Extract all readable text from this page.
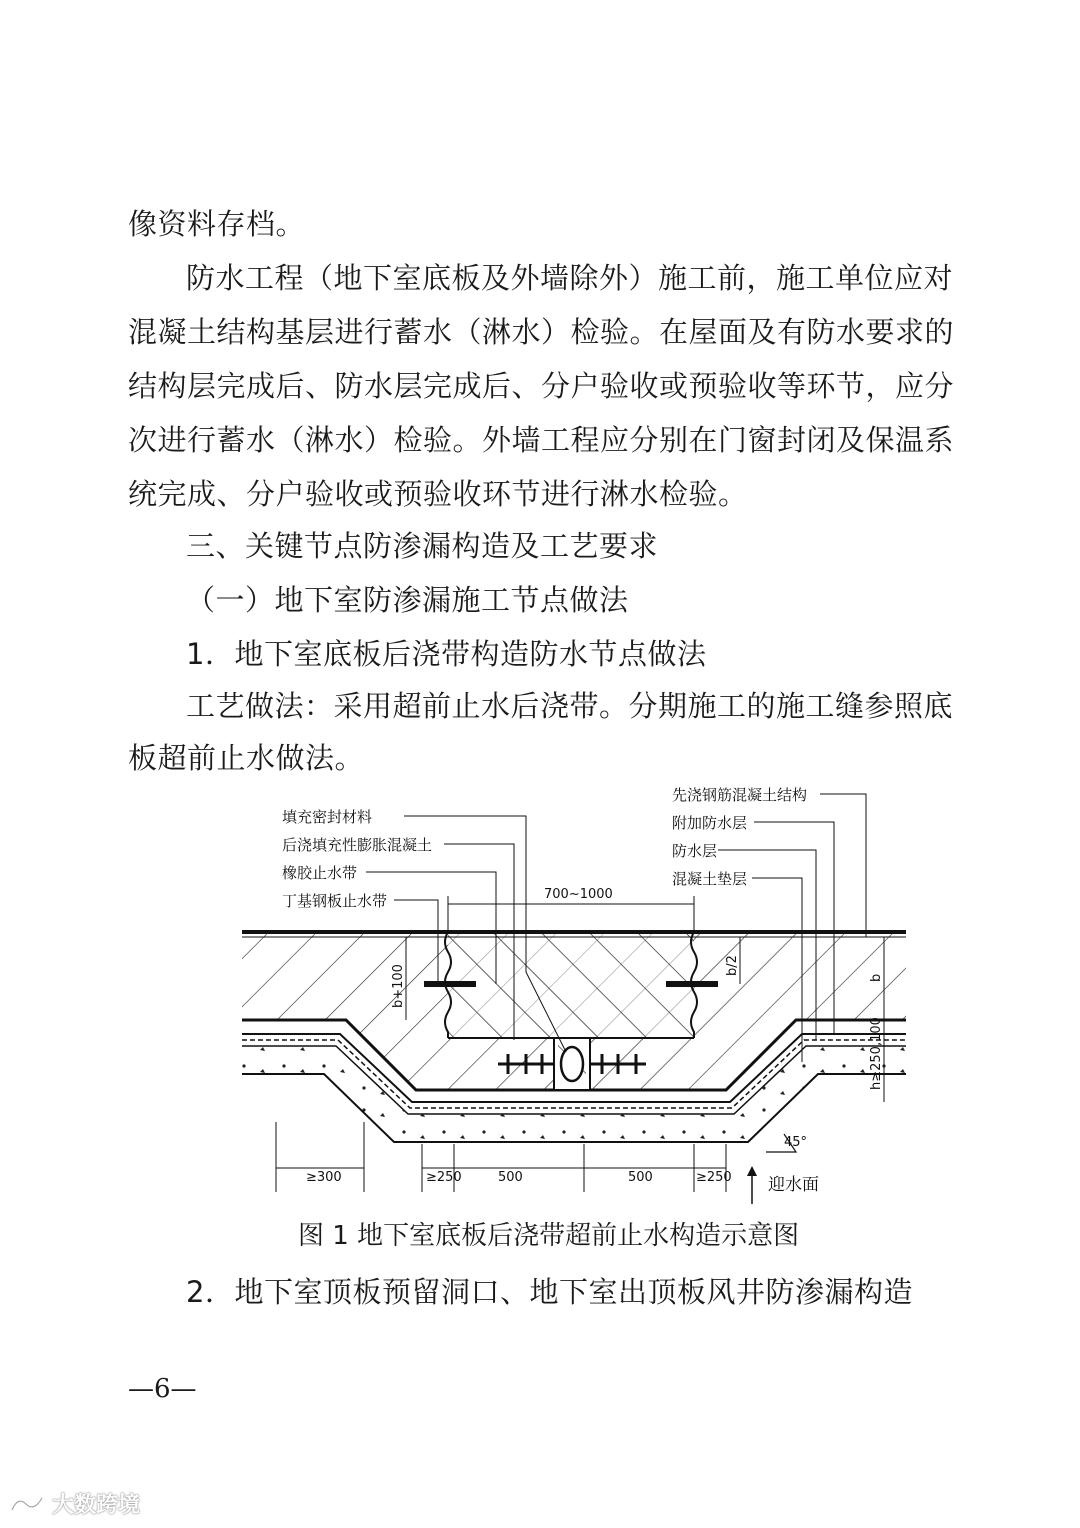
像资料存档。
防水工程（地下室底板及外墙除外）施工前，施工单位应对
混凝土结构基层进行蓄水（淋水）检验。在屋面及有防水要求的
结构层完成后、防水层完成后、分户验收或预验收等环节，应分
次进行蓄水（淋水）检验。外墙工程应分别在门窗封闭及保温系
统完成、分户验收或预验收环节进行淋水检验。
三、关键节点防渗漏构造及工艺要求
（一）地下室防渗漏施工节点做法
1．地下室底板后浇带构造防水节点做法
工艺做法：采用超前止水后浇带。分期施工的施工缝参照底
板超前止水做法。
700~1000
b+100	b/2
b
h≥250,100
≥300	≥250	500	500	≥250
45°
迎水面
填充密封材料
后浇填充性膨胀混凝土
橡胶止水带
丁基钢板止水带
先浇钢筋混凝土结构
附加防水层
防水层
混凝土垫层
图 1 地下室底板后浇带超前止水构造示意图
2．地下室顶板预留洞口、地下室出顶板风井防渗漏构造
—6—
大数跨境
